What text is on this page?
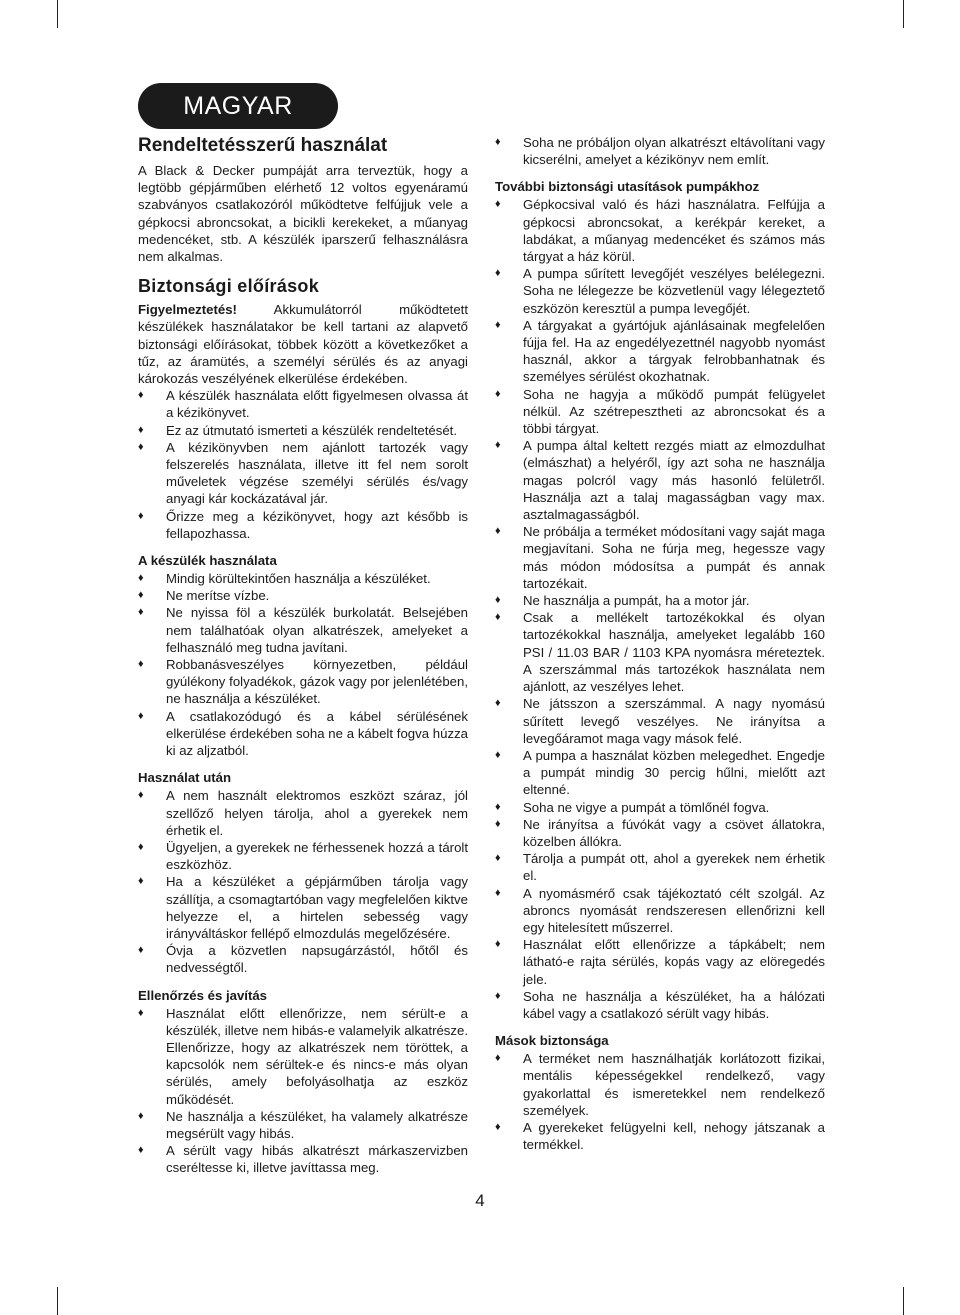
MAGYAR
Rendeltetésszerű használat

A Black & Decker pumpáját arra terveztük, hogy a legtöbb gépjárműben elérhető 12 voltos egyenáramú szabványos csatlakozóról működtetve felfújjuk vele a gépkocsi abroncsokat, a bicikli kerekeket, a műanyag medencéket, stb. A készülék iparszerű felhasználásra nem alkalmas.

Biztonsági előírások

Figyelmeztetés! Akkumulátorról működtetett készülékek használatakor be kell tartani az alapvető biztonsági előírásokat, többek között a következőket a tűz, az áramütés, a személyi sérülés és az anyagi károkozás veszélyének elkerülése érdekében.

♦ A készülék használata előtt figyelmesen olvassa át a kézikönyvet.
♦ Ez az útmutató ismerteti a készülék rendeltetését.
♦ A kézikönyvben nem ajánlott tartozék vagy felszerelés használata, illetve itt fel nem sorolt műveletek végzése személyi sérülés és/vagy anyagi kár kockázatával jár.
♦ Őrizze meg a kézikönyvet, hogy azt később is fellapozhassa.
A készülék használata
♦ Mindig körültekintően használja a készüléket.
♦ Ne merítse vízbe.
♦ Ne nyissa föl a készülék burkolatát. Belsejében nem találhatóak olyan alkatrészek, amelyeket a felhasználó meg tudna javítani.
♦ Robbanásveszélyes környezetben, például gyúlékony folyadékok, gázok vagy por jelenlétében, ne használja a készüléket.
♦ A csatlakozódugó és a kábel sérülésének elkerülése érdekében soha ne a kábelt fogva húzza ki az aljzatból.
Használat után
♦ A nem használt elektromos eszközt száraz, jól szellőző helyen tárolja, ahol a gyerekek nem érhetik el.
♦ Ügyeljen, a gyerekek ne férhessenek hozzá a tárolt eszközhöz.
♦ Ha a készüléket a gépjárműben tárolja vagy szállítja, a csomagtartóban vagy megfelelően kiktve helyezze el, a hirtelen sebesség vagy irányváltáskor fellépő elmozdulás megelőzésére.
♦ Óvja a közvetlen napsugárzástól, hőtől és nedvességtől.
Ellenőrzés és javítás
♦ Használat előtt ellenőrizze, nem sérült-e a készülék, illetve nem hibás-e valamelyik alkatrésze. Ellenőrizze, hogy az alkatrészek nem töröttek, a kapcsolók nem sérültek-e és nincs-e más olyan sérülés, amely befolyásolhatja az eszköz működését.
♦ Ne használja a készüléket, ha valamely alkatrésze megsérült vagy hibás.
♦ A sérült vagy hibás alkatrészt márkaszervizben cseréltesse ki, illetve javíttassa meg.
♦ Soha ne próbáljon olyan alkatrészt eltávolítani vagy kicserélni, amelyet a kézikönyv nem említ.
További biztonsági utasítások pumpákhoz
♦ Gépkocsival való és házi használatra. Felfújja a gépkocsi abroncsokat, a kerékpár kereket, a labdákat, a műanyag medencéket és számos más tárgyat a ház körül.
♦ A pumpa sűrített levegőjét veszélyes belélegezni. Soha ne lélegezze be közvetlenül vagy lélegeztető eszközön keresztül a pumpa levegőjét.
♦ A tárgyakat a gyártójuk ajánlásainak megfelelően fújja fel. Ha az engedélyezettnél nagyobb nyomást használ, akkor a tárgyak felrobbanhatnak és személyes sérülést okozhatnak.
♦ Soha ne hagyja a működő pumpát felügyelet nélkül. Az szétrepesztheti az abroncsokat és a többi tárgyat.
♦ A pumpa által keltett rezgés miatt az elmozdulhat (elmászhat) a helyéről, így azt soha ne használja magas polcról vagy más hasonló felületről. Használja azt a talaj magasságban vagy max. asztalmagasságból.
♦ Ne próbálja a terméket módosítani vagy saját maga megjavítani. Soha ne fúrja meg, hegesszе vagy más módon módosítsa a pumpát és annak tartozékait.
♦ Ne használja a pumpát, ha a motor jár.
♦ Csak a mellékelt tartozékokkal és olyan tartozékokkal használja, amelyeket legalább 160 PSI / 11.03 BAR / 1103 KPA nyomásra méreteztek. A szerszámmal más tartozékok használata nem ajánlott, az veszélyes lehet.
♦ Ne játsszon a szerszámmal. A nagy nyomású sűrített levegő veszélyes. Ne irányítsa a levegőáramot maga vagy mások felé.
♦ A pumpa a használat közben melegedhet. Engedje a pumpát mindig 30 percig hűlni, mielőtt azt eltenné.
♦ Soha ne vigye a pumpát a tömlőnél fogva.
♦ Ne irányítsa a fúvókát vagy a csövet állatokra, közelben állókra.
♦ Tárolja a pumpát ott, ahol a gyerekek nem érhetik el.
♦ A nyomásmérő csak tájékoztató célt szolgál. Az abroncs nyomását rendszeresen ellenőrizni kell egy hitelesített műszerrel.
♦ Használat előtt ellenőrizze a tápkábelt; nem látható-e rajta sérülés, kopás vagy az elöregedés jele.
♦ Soha ne használja a készüléket, ha a hálózati kábel vagy a csatlakozó sérült vagy hibás.
Mások biztonsága
♦ A terméket nem használhatják korlátozott fizikai, mentális képességekkel rendelkező, vagy gyakorlattal és ismeretekkel nem rendelkező személyek.
♦ A gyerekeket felügyelni kell, nehogy játszanak a termékkel.
4
